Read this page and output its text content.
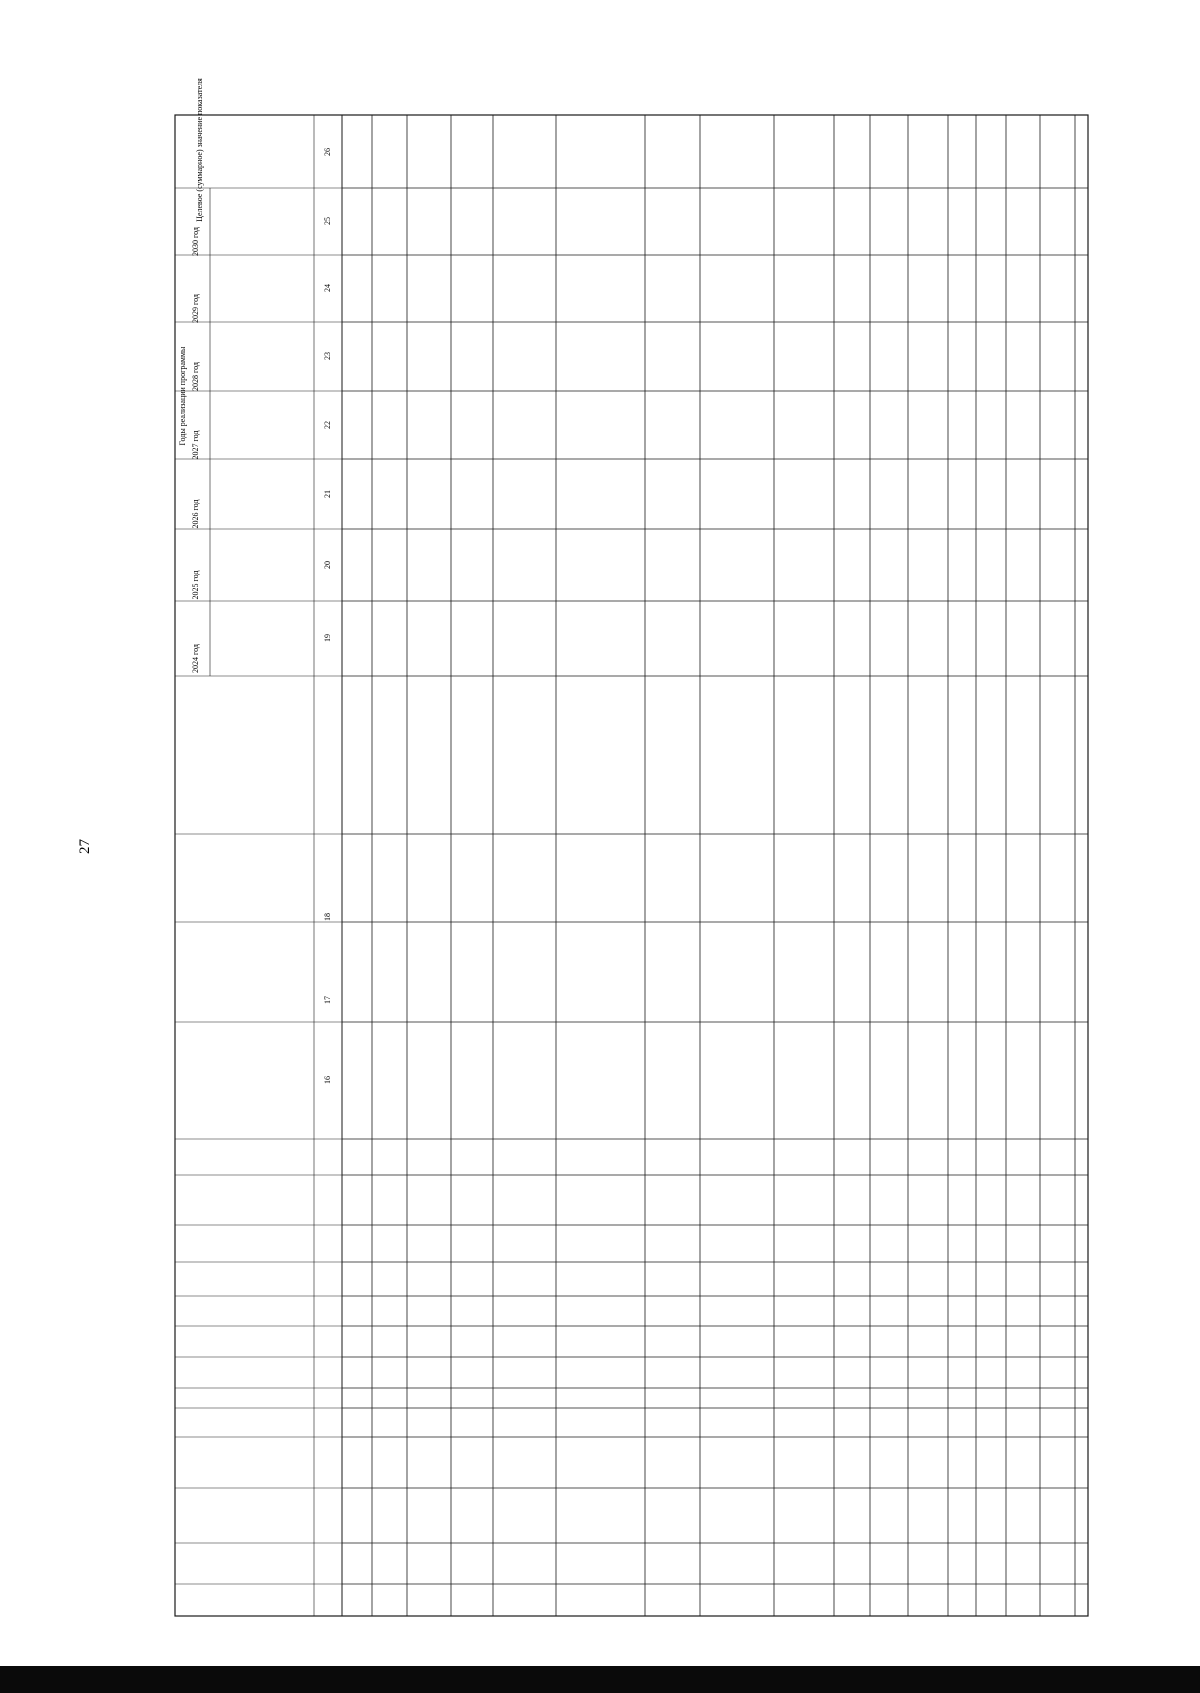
27
2024 год
2025 год
2026 год
2027 год
2028 год
2029 год
2030 год
Годы реализации программы
Целевое (суммарное) значение показателя
16
17
18
19
20
21
22
23
24
25
26
